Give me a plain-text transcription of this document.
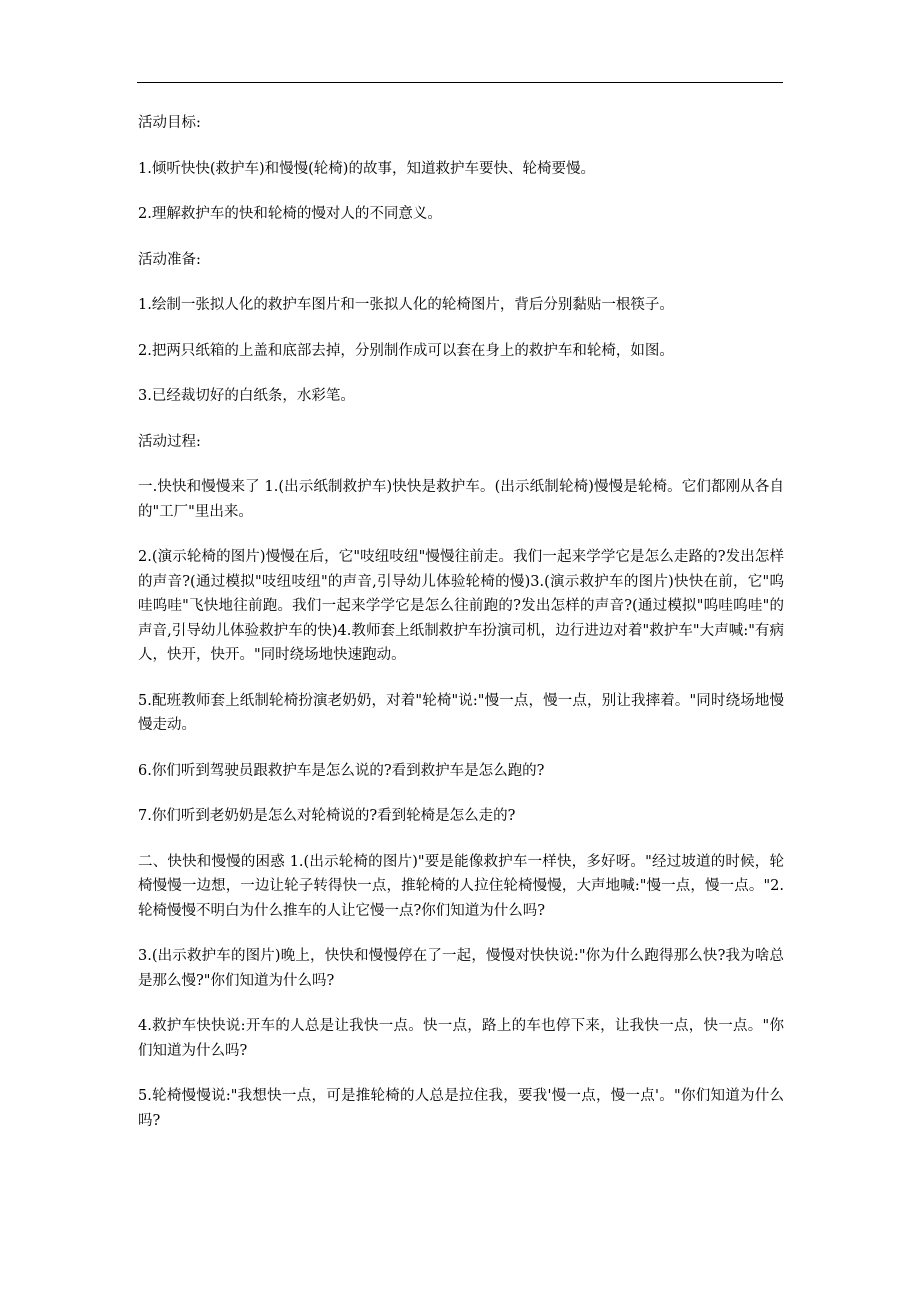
活动目标:

1.倾听快快(救护车)和慢慢(轮椅)的故事，知道救护车要快、轮椅要慢。

2.理解救护车的快和轮椅的慢对人的不同意义。

活动准备:

1.绘制一张拟人化的救护车图片和一张拟人化的轮椅图片，背后分别黏贴一根筷子。

2.把两只纸箱的上盖和底部去掉，分别制作成可以套在身上的救护车和轮椅，如图。

3.已经裁切好的白纸条，水彩笔。

活动过程:

一.快快和慢慢来了 1.(出示纸制救护车)快快是救护车。(出示纸制轮椅)慢慢是轮椅。它们都刚从各自的"工厂"里出来。

2.(演示轮椅的图片)慢慢在后，它"吱纽吱纽"慢慢往前走。我们一起来学学它是怎么走路的?发出怎样的声音?(通过模拟"吱纽吱纽"的声音,引导幼儿体验轮椅的慢)3.(演示救护车的图片)快快在前，它"呜哇呜哇"飞快地往前跑。我们一起来学学它是怎么往前跑的?发出怎样的声音?(通过模拟"呜哇呜哇"的声音,引导幼儿体验救护车的快)4.教师套上纸制救护车扮演司机，边行进边对着"救护车"大声喊:"有病人，快开，快开。"同时绕场地快速跑动。

5.配班教师套上纸制轮椅扮演老奶奶，对着"轮椅"说:"慢一点，慢一点，别让我摔着。"同时绕场地慢慢走动。

6.你们听到驾驶员跟救护车是怎么说的?看到救护车是怎么跑的?

7.你们听到老奶奶是怎么对轮椅说的?看到轮椅是怎么走的?

二、快快和慢慢的困惑 1.(出示轮椅的图片)"要是能像救护车一样快，多好呀。"经过坡道的时候，轮椅慢慢一边想，一边让轮子转得快一点，推轮椅的人拉住轮椅慢慢，大声地喊:"慢一点，慢一点。"2.轮椅慢慢不明白为什么推车的人让它慢一点?你们知道为什么吗?

3.(出示救护车的图片)晚上，快快和慢慢停在了一起，慢慢对快快说:"你为什么跑得那么快?我为啥总是那么慢?"你们知道为什么吗?

4.救护车快快说:开车的人总是让我快一点。快一点，路上的车也停下来，让我快一点，快一点。"你们知道为什么吗?

5.轮椅慢慢说:"我想快一点，可是推轮椅的人总是拉住我，要我'慢一点，慢一点'。"你们知道为什么吗?
